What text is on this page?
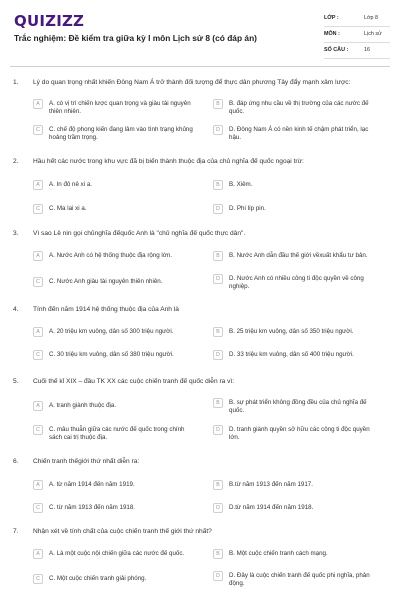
QUIZIZZ
Trắc nghiệm: Đề kiểm tra giữa kỳ I môn Lịch sử 8 (có đáp án)
LỚP :	Lớp 8
MÔN :	Lịch sử
SỐ CÂU :	16
1. Lý do quan trọng nhất khiến Đông Nam Á trở thành đối tượng để thực dân phương Tây đẩy mạnh xâm lược:
A	A. có vị trí chiến lược quan trọng và giàu tài nguyên thiên nhiên.
B	B. đáp ứng nhu cầu về thị trường của các nước đế quốc.
C	C. chế độ phong kiến đang lâm vào tình trạng khủng hoảng trầm trọng.
D	D. Đông Nam Á có nền kinh tế chậm phát triển, lạc hậu.
2. Hầu hết các nước trong khu vực đã bị biến thành thuộc địa của chủ nghĩa đế quốc ngoại trừ:
A	A. In đô nê xi a.	B	B. Xiêm.
C	C. Ma lai xi a.	D	D. Phi líp pin.
3. Vì sao Lê nin gọi chủnghĩa đếquốc Anh là "chủ nghĩa đế quốc thực dân".
A	A. Nước Anh có hệ thống thuộc địa rộng lớn.	B	B. Nước Anh dẫn đầu thế giới vềxuất khẩu tư bản.
C	C. Nước Anh giàu tài nguyên thiên nhiên.	D	D. Nước Anh có nhiều công ti độc quyền về công nghiệp.
4. Tính đến năm 1914 hệ thống thuộc địa của Anh là
A	A. 20 triệu km vuông, dân số 300 triệu người.	B	B. 25 triệu km vuông, dân số 350 triệu người.
C	C. 30 triệu km vuông, dân số 380 triệu người.	D	D. 33 triệu km vuông, dân số 400 triệu người.
5. Cuối thế kỉ XIX – đầu TK XX các cuộc chiến tranh đế quốc diễn ra vì:
A	A. tranh giành thuộc địa.	B	B. sự phát triển không đồng đều của chủ nghĩa đế quốc.
C	C. mâu thuẫn giữa các nước đế quốc trong chính sách cai trị thuộc địa.
D	D. tranh giành quyền sở hữu các công ti độc quyền lớn.
6. Chiến tranh thếgiới thứ nhất diễn ra:
A	A. từ năm 1914 đến năm 1919.	B	B.từ năm 1913 đến năm 1917.
C	C. từ năm 1913 đến năm 1918.	D	D.từ năm 1914 đến năm 1918.
7. Nhận xét về tính chất của cuộc chiến tranh thế giới thứ nhất?
A	A. Là một cuộc nội chiến giữa các nước đế quốc.	B	B. Một cuộc chiến tranh cách mạng.
C	C. Một cuộc chiến tranh giải phóng.	D	D. Đây là cuộc chiến tranh đế quốc phi nghĩa, phản động.
